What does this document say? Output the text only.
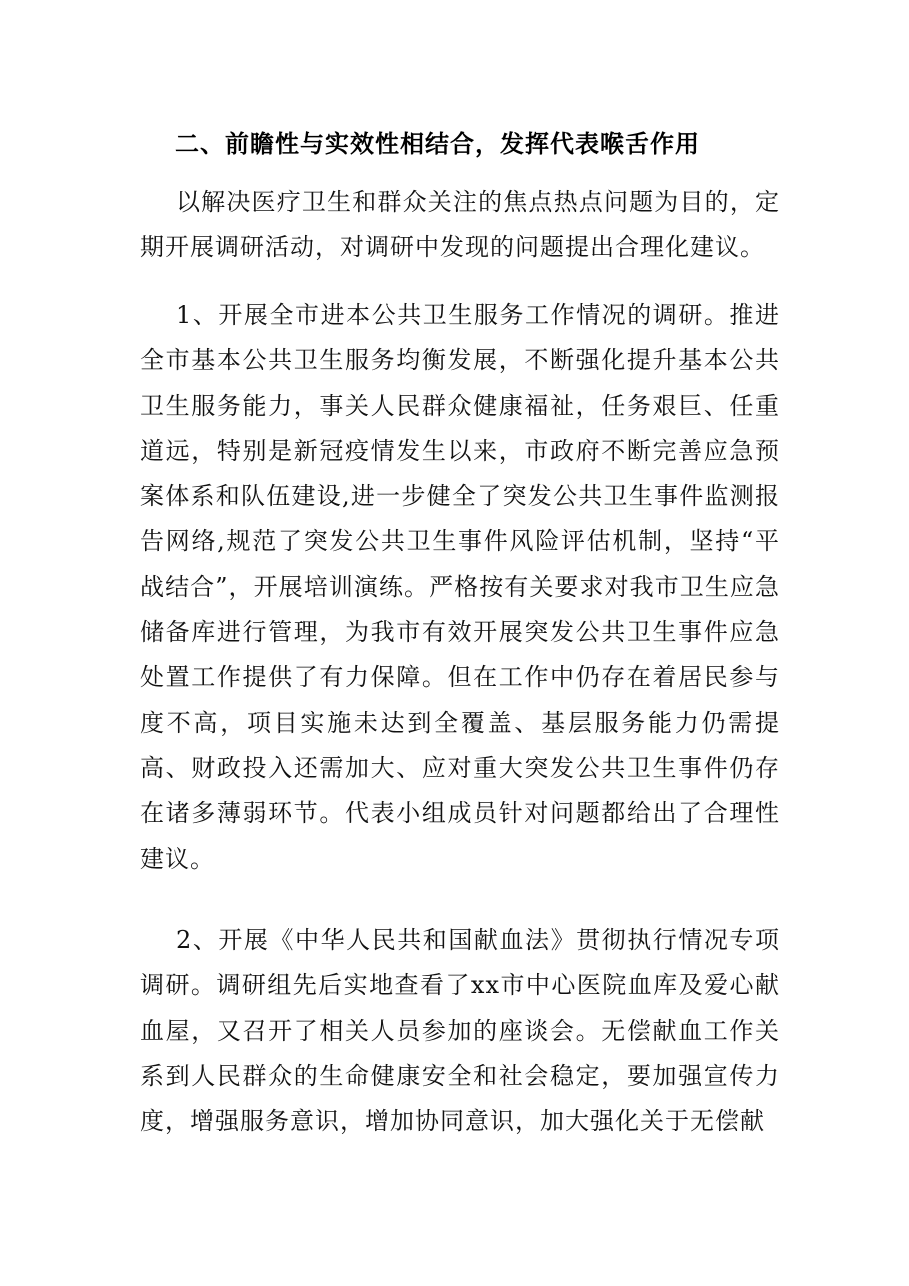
二、前瞻性与实效性相结合，发挥代表喉舌作用

以解决医疗卫生和群众关注的焦点热点问题为目的，定期开展调研活动，对调研中发现的问题提出合理化建议。

1、开展全市进本公共卫生服务工作情况的调研。推进全市基本公共卫生服务均衡发展，不断强化提升基本公共卫生服务能力，事关人民群众健康福祉，任务艰巨、任重道远，特别是新冠疫情发生以来，市政府不断完善应急预案体系和队伍建设,进一步健全了突发公共卫生事件监测报告网络,规范了突发公共卫生事件风险评估机制，坚持“平战结合”，开展培训演练。严格按有关要求对我市卫生应急储备库进行管理，为我市有效开展突发公共卫生事件应急处置工作提供了有力保障。但在工作中仍存在着居民参与度不高，项目实施未达到全覆盖、基层服务能力仍需提高、财政投入还需加大、应对重大突发公共卫生事件仍存在诸多薄弱环节。代表小组成员针对问题都给出了合理性建议。

2、开展《中华人民共和国献血法》贯彻执行情况专项调研。调研组先后实地查看了xx市中心医院血库及爱心献血屋，又召开了相关人员参加的座谈会。无偿献血工作关系到人民群众的生命健康安全和社会稳定，要加强宣传力度，增强服务意识，增加协同意识，加大强化关于无偿献
